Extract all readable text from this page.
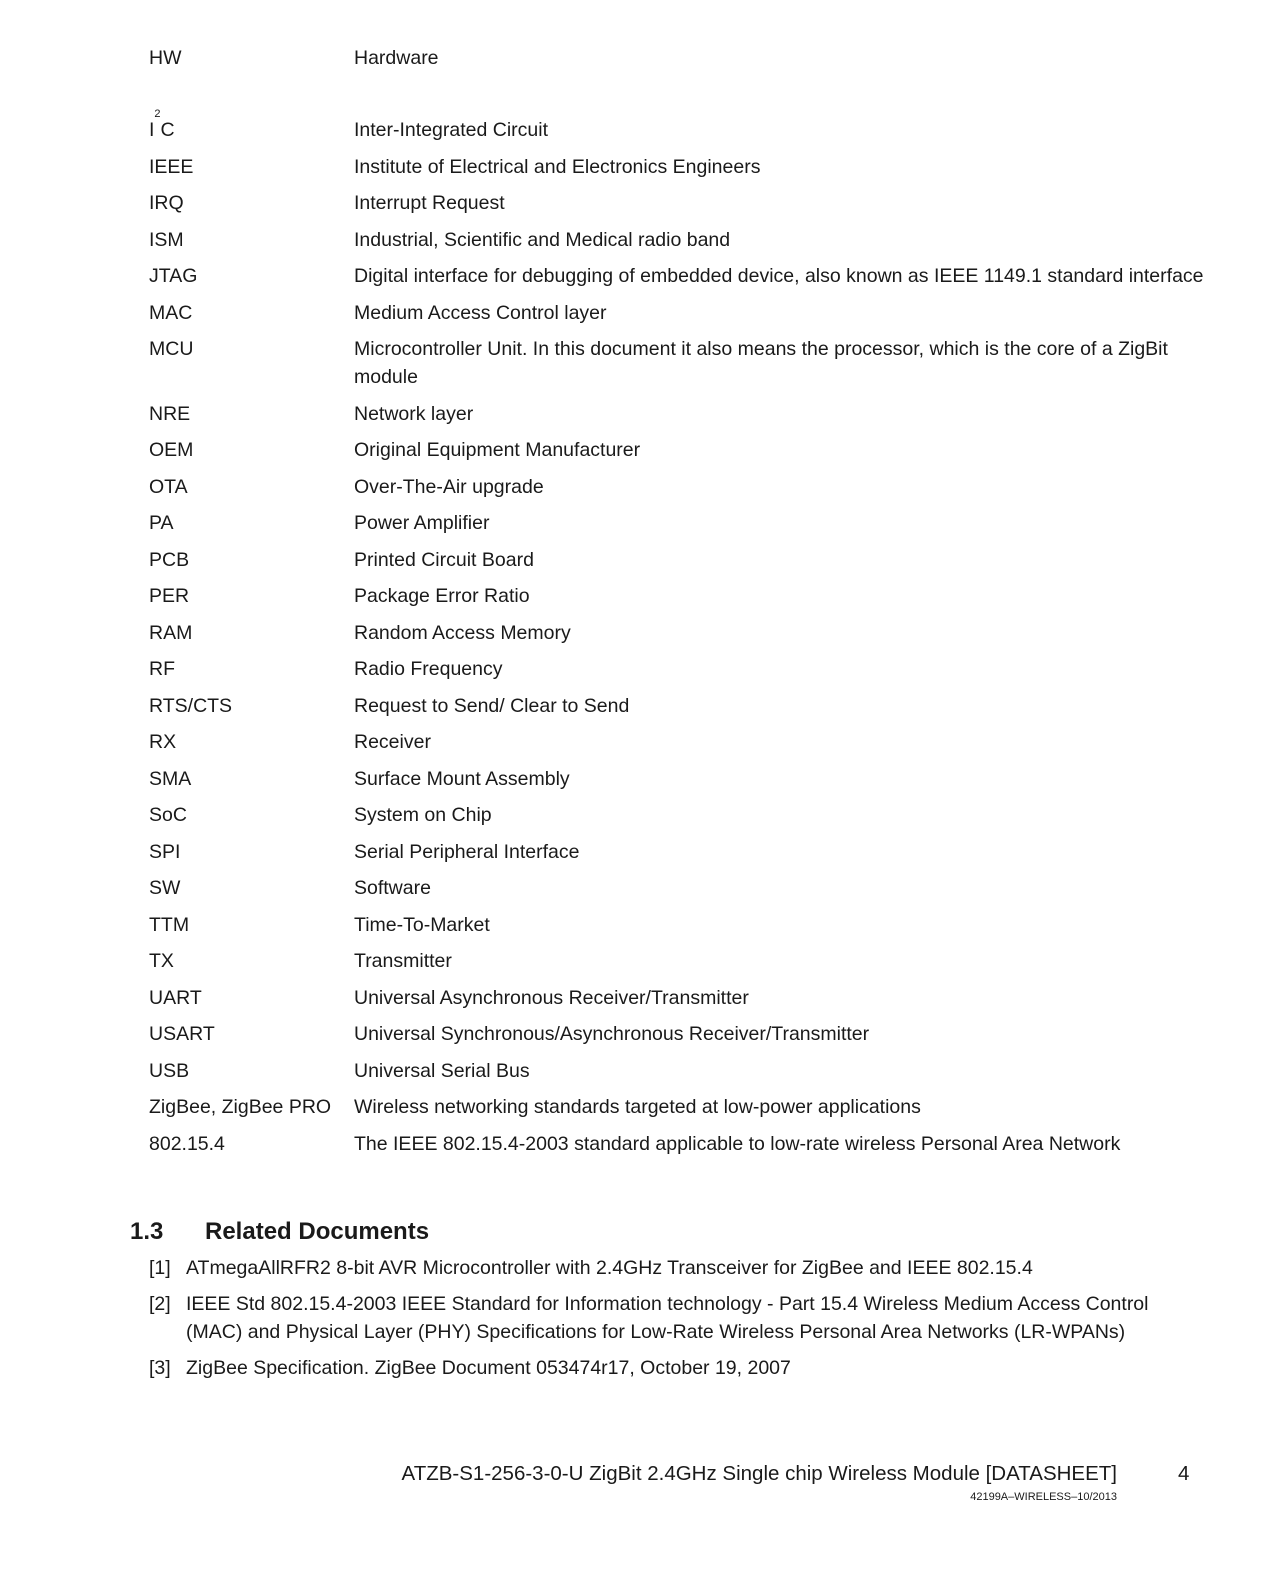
HW	Hardware
$I^2C$	Inter-Integrated Circuit
IEEE	Institute of Electrical and Electronics Engineers
IRQ	Interrupt Request
ISM	Industrial, Scientific and Medical radio band
JTAG	Digital interface for debugging of embedded device, also known as IEEE 1149.1 standard interface
MAC	Medium Access Control layer
MCU	Microcontroller Unit. In this document it also means the processor, which is the core of a ZigBit module
NRE	Network layer
OEM	Original Equipment Manufacturer
OTA	Over-The-Air upgrade
PA	Power Amplifier
PCB	Printed Circuit Board
PER	Package Error Ratio
RAM	Random Access Memory
RF	Radio Frequency
RTS/CTS	Request to Send/ Clear to Send
RX	Receiver
SMA	Surface Mount Assembly
SoC	System on Chip
SPI	Serial Peripheral Interface
SW	Software
TTM	Time-To-Market
TX	Transmitter
UART	Universal Asynchronous Receiver/Transmitter
USART	Universal Synchronous/Asynchronous Receiver/Transmitter
USB	Universal Serial Bus
ZigBee, ZigBee PRO	Wireless networking standards targeted at low-power applications
802.15.4	The IEEE 802.15.4-2003 standard applicable to low-rate wireless Personal Area Network
1.3	Related Documents
[1] ATmegaAllRFR2 8-bit AVR Microcontroller with 2.4GHz Transceiver for ZigBee and IEEE 802.15.4
[2] IEEE Std 802.15.4-2003 IEEE Standard for Information technology - Part 15.4 Wireless Medium Access Control (MAC) and Physical Layer (PHY) Specifications for Low-Rate Wireless Personal Area Networks (LR-WPANs)
[3] ZigBee Specification. ZigBee Document 053474r17, October 19, 2007
ATZB-S1-256-3-0-U ZigBit 2.4GHz Single chip Wireless Module [DATASHEET]	4
42199A–WIRELESS–10/2013
